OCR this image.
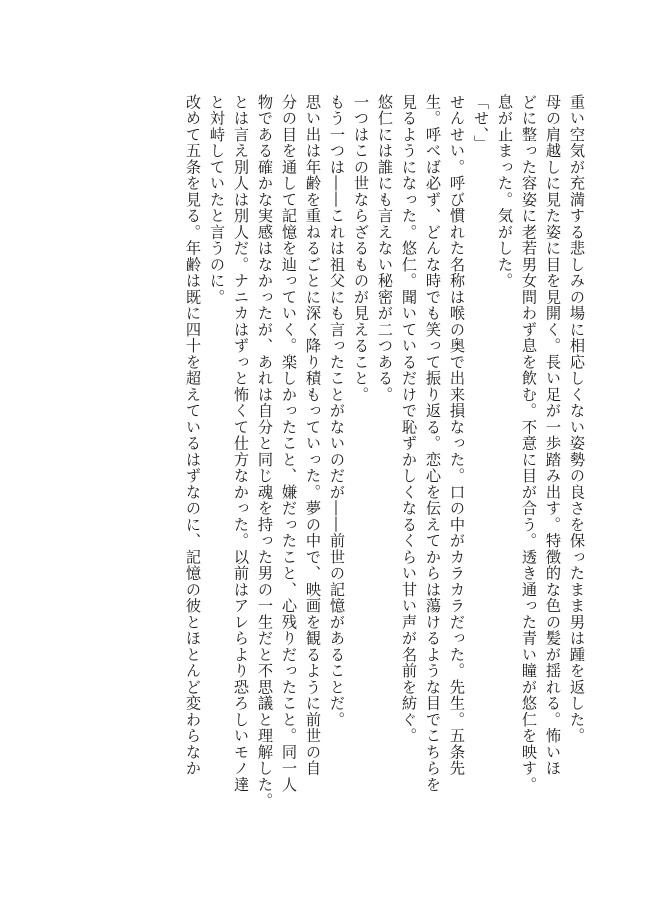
重い空気が充満する悲しみの場に相応しくない姿勢の良さを保ったまま男は踵を返した。

母の肩越しに見た姿に目を見開く。長い足が一歩踏み出す。特徴的な色の髪が揺れる。怖いほ

どに整った容姿に老若男女問わず息を飲む。不意に目が合う。透き通った青い瞳が悠仁を映す。

息が止まった。気がした。

「せ、」

せんせい。呼び慣れた名称は喉の奥で出来損なった。口の中がカラカラだった。先生。五条先

生。呼べば必ず、どんな時でも笑って振り返る。恋心を伝えてからは蕩けるような目でこちらを

見るようになった。悠仁。聞いているだけで恥ずかしくなるくらい甘い声が名前を紡ぐ。

悠仁には誰にも言えない秘密が二つある。

一つはこの世ならざるものが見えること。

もう一つは――これは祖父にも言ったことがないのだが――前世の記憶があることだ。

思い出は年齢を重ねるごとに深く降り積もっていった。夢の中で、映画を観るように前世の自

分の目を通して記憶を辿っていく。楽しかったこと、嫌だったこと、心残りだったこと。同一人

物である確かな実感はなかったが、あれは自分と同じ魂を持った男の一生だと不思議と理解した。

とは言え別人は別人だ。ナニカはずっと怖くて仕方なかった。以前はアレらより恐ろしいモノ達

と対峙していたと言うのに。

改めて五条を見る。年齢は既に四十を超えているはずなのに、記憶の彼とほとんど変わらなか
